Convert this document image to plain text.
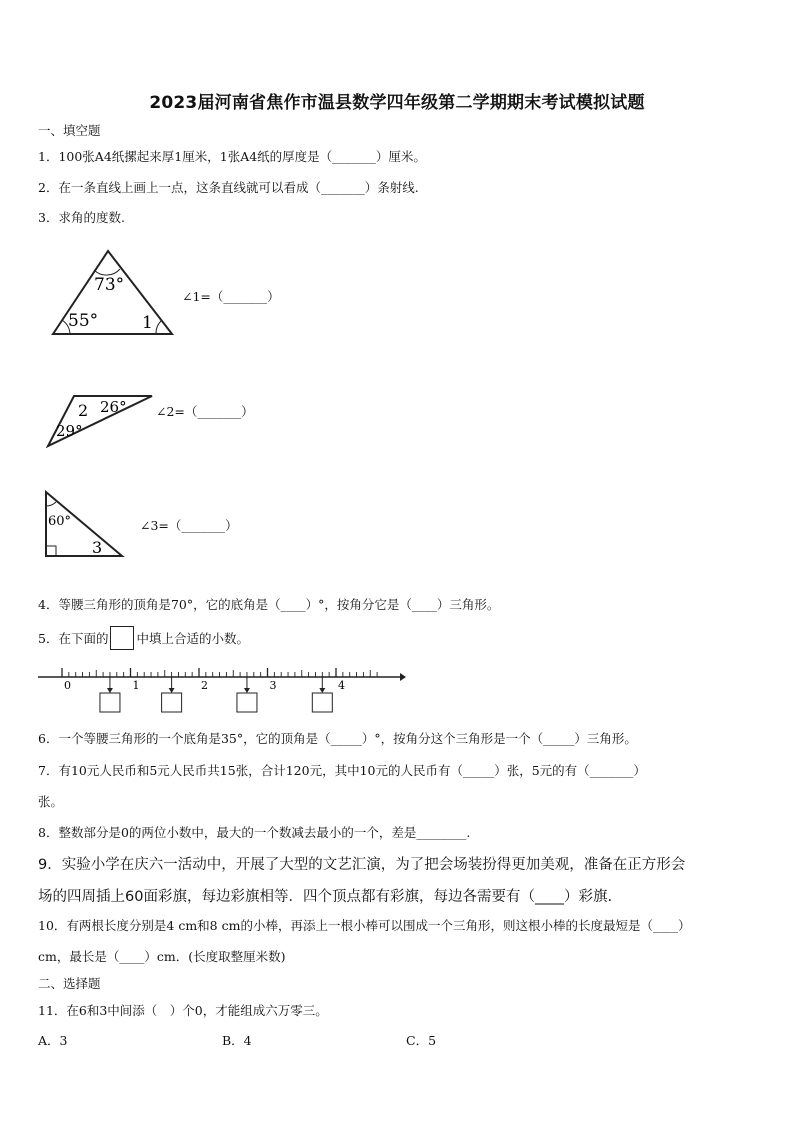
2023届河南省焦作市温县数学四年级第二学期期末考试模拟试题
一、填空题
1．100张A4纸摞起来厚1厘米，1张A4纸的厚度是（_______）厘米。
2．在一条直线上画上一点，这条直线就可以看成（_______）条射线.
3．求角的度数.
73°
55°	1
∠1=（_______）
2 26°
29°
∠2=（_______）
60°
3
∠3=（_______）
4．等腰三角形的顶角是70°，它的底角是（____）°，按角分它是（____）三角形。
5．在下面的 中填上合适的小数。
0	1	2	3	4
6．一个等腰三角形的一个底角是35°，它的顶角是（_____）°，按角分这个三角形是一个（_____）三角形。
7．有10元人民币和5元人民币共15张，合计120元，其中10元的人民币有（_____）张，5元的有（_______）
张。
8．整数部分是0的两位小数中，最大的一个数减去最小的一个，差是________.
9．实验小学在庆六一活动中，开展了大型的文艺汇演，为了把会场装扮得更加美观，准备在正方形会
场的四周插上60面彩旗，每边彩旗相等．四个顶点都有彩旗，每边各需要有（____）彩旗.
10．有两根长度分别是4 cm和8 cm的小棒，再添上一根小棒可以围成一个三角形，则这根小棒的长度最短是（____）
cm，最长是（____）cm．(长度取整厘米数)
二、选择题
11．在6和3中间添（　）个0，才能组成六万零三。
A．3	B．4	C．5
